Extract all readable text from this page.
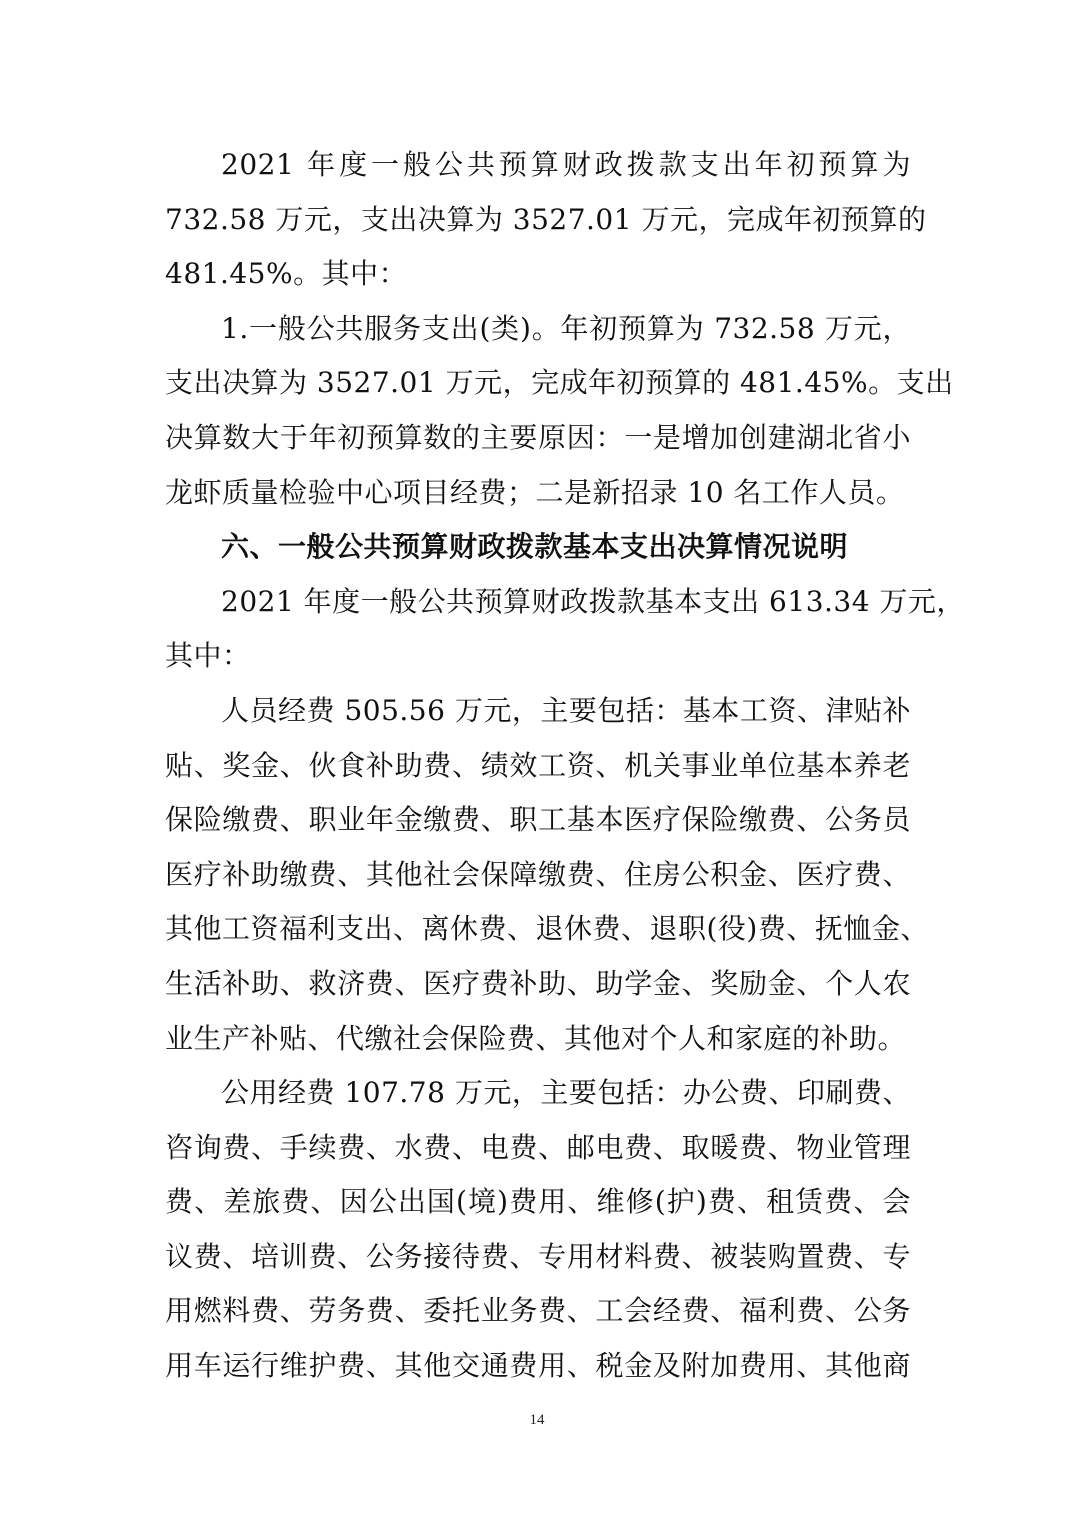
2021 年度一般公共预算财政拨款支出年初预算为
732.58 万元，支出决算为 3527.01 万元，完成年初预算的
481.45%。其中：
1.一般公共服务支出(类)。年初预算为 732.58 万元，
支出决算为 3527.01 万元，完成年初预算的 481.45%。支出
决算数大于年初预算数的主要原因：一是增加创建湖北省小
龙虾质量检验中心项目经费；二是新招录 10 名工作人员。
六、一般公共预算财政拨款基本支出决算情况说明
2021 年度一般公共预算财政拨款基本支出 613.34 万元，
其中：
人员经费 505.56 万元，主要包括：基本工资、津贴补
贴、奖金、伙食补助费、绩效工资、机关事业单位基本养老
保险缴费、职业年金缴费、职工基本医疗保险缴费、公务员
医疗补助缴费、其他社会保障缴费、住房公积金、医疗费、
其他工资福利支出、离休费、退休费、退职(役)费、抚恤金、
生活补助、救济费、医疗费补助、助学金、奖励金、个人农
业生产补贴、代缴社会保险费、其他对个人和家庭的补助。
公用经费 107.78 万元，主要包括：办公费、印刷费、
咨询费、手续费、水费、电费、邮电费、取暖费、物业管理
费、差旅费、因公出国(境)费用、维修(护)费、租赁费、会
议费、培训费、公务接待费、专用材料费、被装购置费、专
用燃料费、劳务费、委托业务费、工会经费、福利费、公务
用车运行维护费、其他交通费用、税金及附加费用、其他商
14
